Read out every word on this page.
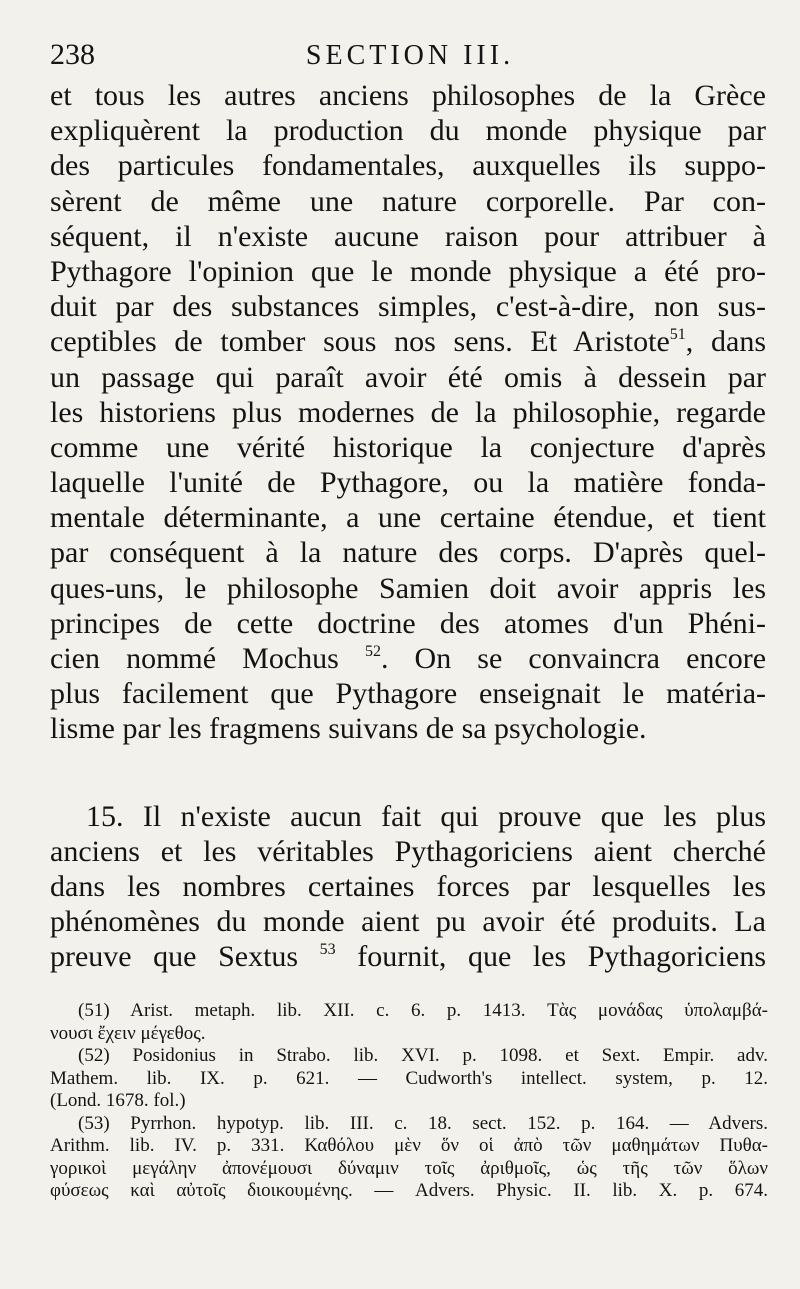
238	SECTION III.
et tous les autres anciens philosophes de la Grèce
expliquèrent la production du monde physique par
des particules fondamentales, auxquelles ils suppo-
sèrent de même une nature corporelle. Par con-
séquent, il n'existe aucune raison pour attribuer à
Pythagore l'opinion que le monde physique a été pro-
duit par des substances simples, c'est-à-dire, non sus-
ceptibles de tomber sous nos sens. Et Aristote$^{51}$, dans
un passage qui paraît avoir été omis à dessein par
les historiens plus modernes de la philosophie, regarde
comme une vérité historique la conjecture d'après
laquelle l'unité de Pythagore, ou la matière fonda-
mentale déterminante, a une certaine étendue, et tient
par conséquent à la nature des corps. D'après quel-
ques-uns, le philosophe Samien doit avoir appris les
principes de cette doctrine des atomes d'un Phéni-
cien nommé Mochus $^{52}$. On se convaincra encore
plus facilement que Pythagore enseignait le matéria-
lisme par les fragmens suivans de sa psychologie.
15. Il n'existe aucun fait qui prouve que les plus
anciens et les véritables Pythagoriciens aient cherché
dans les nombres certaines forces par lesquelles les
phénomènes du monde aient pu avoir été produits. La
preuve que Sextus $^{53}$ fournit, que les Pythagoriciens
(51) Arist. metaph. lib. XII. c. 6. p. 1413. Τὰς μονάδας ὑπολαμβά-
νουσι ἔχειν μέγεθος.
(52) Posidonius in Strabo. lib. XVI. p. 1098. et Sext. Empir. adv.
Mathem. lib. IX. p. 621. — Cudworth's intellect. system, p. 12.
(Lond. 1678. fol.)
(53) Pyrrhon. hypotyp. lib. III. c. 18. sect. 152. p. 164. — Advers.
Arithm. lib. IV. p. 331. Καθόλου μὲν ὅν οἱ ἀπὸ τῶν μαθημάτων Πυθα-
γορικοὶ μεγάλην ἀπονέμουσι δύναμιν τοῖς ἀριθμοῖς, ὡς τῆς τῶν ὅλων
φύσεως καὶ αὐτοῖς διοικουμένης. — Advers. Physic. II. lib. X. p. 674.
